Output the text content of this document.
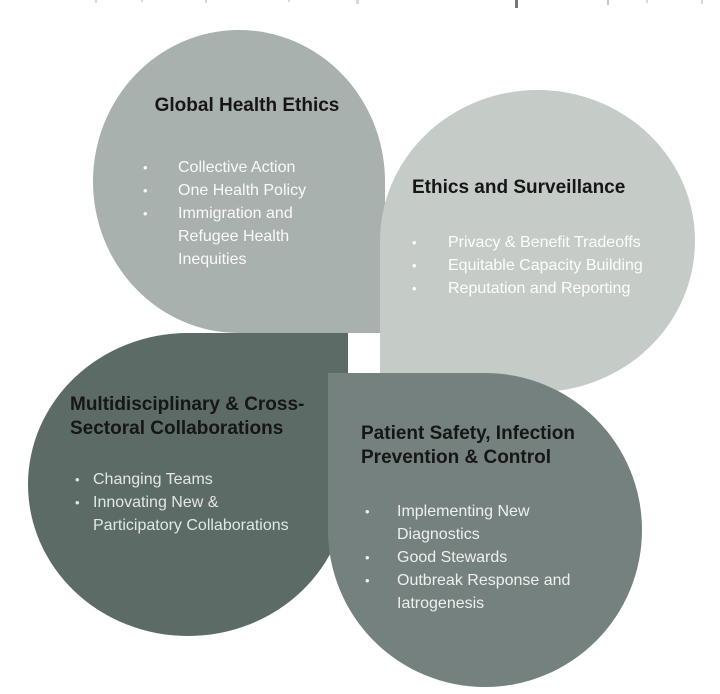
Global Health Ethics
•	Collective Action
•	One Health Policy
•	Immigration and
Refugee Health
Inequities
Ethics and Surveillance
•	Privacy & Benefit Tradeoffs
•	Equitable Capacity Building
•	Reputation and Reporting
Multidisciplinary & Cross-
Sectoral Collaborations
• Changing Teams
• Innovating New &
Participatory Collaborations
Patient Safety, Infection
Prevention & Control
•	Implementing New
Diagnostics
•	Good Stewards
•	Outbreak Response and
Iatrogenesis
